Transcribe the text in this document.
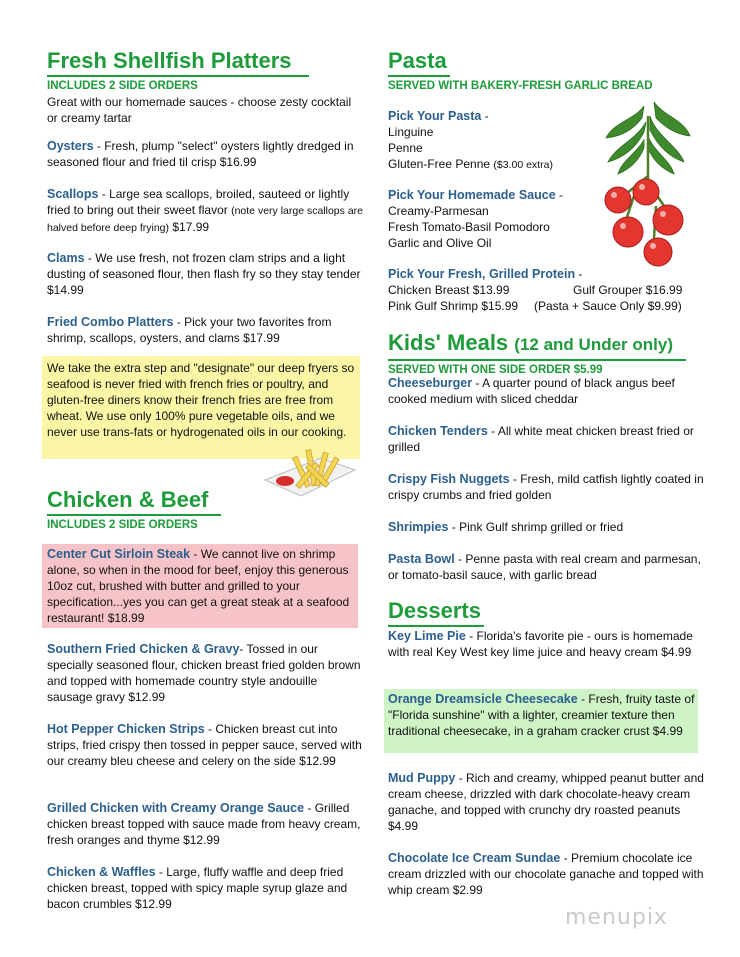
Fresh Shellfish Platters
INCLUDES 2 SIDE ORDERS

Great with our homemade sauces - choose zesty cocktail or creamy tartar

Oysters - Fresh, plump "select" oysters lightly dredged in seasoned flour and fried til crisp $16.99

Scallops - Large sea scallops, broiled, sauteed or lightly fried to bring out their sweet flavor (note very large scallops are halved before deep frying) $17.99

Clams - We use fresh, not frozen clam strips and a light dusting of seasoned flour, then flash fry so they stay tender $14.99

Fried Combo Platters - Pick your two favorites from shrimp, scallops, oysters, and clams $17.99

We take the extra step and "designate" our deep fryers so seafood is never fried with french fries or poultry, and gluten-free diners know their french fries are free from wheat. We use only 100% pure vegetable oils, and we never use trans-fats or hydrogenated oils in our cooking.

Chicken & Beef
INCLUDES 2 SIDE ORDERS

Center Cut Sirloin Steak - We cannot live on shrimp alone, so when in the mood for beef, enjoy this generous 10oz cut, brushed with butter and grilled to your specification...yes you can get a great steak at a seafood restaurant! $18.99

Southern Fried Chicken & Gravy- Tossed in our specially seasoned flour, chicken breast fried golden brown and topped with homemade country style andouille sausage gravy $12.99

Hot Pepper Chicken Strips - Chicken breast cut into strips, fried crispy then tossed in pepper sauce, served with our creamy bleu cheese and celery on the side $12.99

Grilled Chicken with Creamy Orange Sauce - Grilled chicken breast topped with sauce made from heavy cream, fresh oranges and thyme $12.99

Chicken & Waffles - Large, fluffy waffle and deep fried chicken breast, topped with spicy maple syrup glaze and bacon crumbles $12.99

Pasta
SERVED WITH BAKERY-FRESH GARLIC BREAD

Pick Your Pasta -

Linguine

Penne

Gluten-Free Penne ($3.00 extra)

Pick Your Homemade Sauce -

Creamy-Parmesan

Fresh Tomato-Basil Pomodoro

Garlic and Olive Oil

Pick Your Fresh, Grilled Protein -

Chicken Breast $13.99	Gulf Grouper $16.99

Pink Gulf Shrimp $15.99 (Pasta + Sauce Only $9.99)

Kids' Meals (12 and Under only)
SERVED WITH ONE SIDE ORDER $5.99

Cheeseburger - A quarter pound of black angus beef cooked medium with sliced cheddar

Chicken Tenders - All white meat chicken breast fried or grilled

Crispy Fish Nuggets - Fresh, mild catfish lightly coated in crispy crumbs and fried golden

Shrimpies - Pink Gulf shrimp grilled or fried

Pasta Bowl - Penne pasta with real cream and parmesan, or tomato-basil sauce, with garlic bread

Desserts

Key Lime Pie - Florida's favorite pie - ours is homemade with real Key West key lime juice and heavy cream $4.99

Orange Dreamsicle Cheesecake - Fresh, fruity taste of "Florida sunshine" with a lighter, creamier texture then traditional cheesecake, in a graham cracker crust $4.99

Mud Puppy - Rich and creamy, whipped peanut butter and cream cheese, drizzled with dark chocolate-heavy cream ganache, and topped with crunchy dry roasted peanuts $4.99

Chocolate Ice Cream Sundae - Premium chocolate ice cream drizzled with our chocolate ganache and topped with whip cream $2.99

menupix
